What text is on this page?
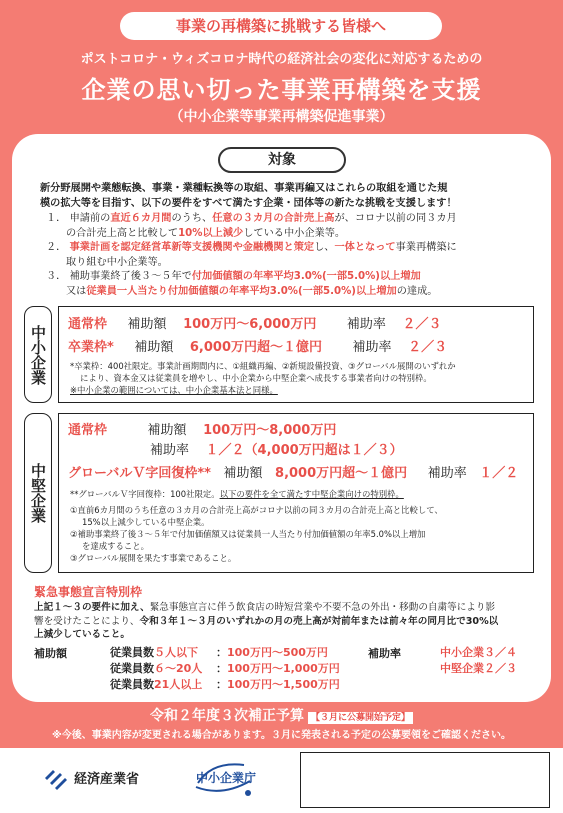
事業の再構築に挑戦する皆様へ
ポストコロナ・ウィズコロナ時代の経済社会の変化に対応するための
企業の思い切った事業再構築を支援
（中小企業等事業再構築促進事業）
対象
新分野展開や業態転換、事業・業種転換等の取組、事業再編又はこれらの取組を通じた規
模の拡大等を目指す、以下の要件をすべて満たす企業・団体等の新たな挑戦を支援します！
１． 申請前の直近６カ月間のうち、任意の３カ月の合計売上高が、コロナ以前の同３カ月
の合計売上高と比較して10%以上減少している中小企業等。
２． 事業計画を認定経営革新等支援機関や金融機関と策定し、一体となって事業再構築に
取り組む中小企業等。
３． 補助事業終了後３～５年で付加価値額の年率平均3.0%(一部5.0%)以上増加
又は従業員一人当たり付加価値額の年率平均3.0%(一部5.0%)以上増加の達成。
中小企業	通常枠 補助額 100万円～6,000万円 補助率 ２／３
卒業枠* 補助額 6,000万円超～１億円 補助率 ２／３
*卒業枠：400社限定。事業計画期間内に、①組織再編、②新規設備投資、③グローバル展開のいずれか
により、資本金又は従業員を増やし、中小企業から中堅企業へ成長する事業者向けの特別枠。
※中小企業の範囲については、中小企業基本法と同様。
中堅企業
通常枠	補助額 100万円～8,000万円
補助率 １／２（4,000万円超は１／３）
グローバルＶ字回復枠** 補助額 8,000万円超～１億円 補助率 １／２
**グローバルＶ字回復枠：100社限定。以下の要件を全て満たす中堅企業向けの特別枠。
①直前6カ月間のうち任意の３カ月の合計売上高がコロナ以前の同３カ月の合計売上高と比較して、
15%以上減少している中堅企業。
②補助事業終了後３～５年で付加価値額又は従業員一人当たり付加価値額の年率5.0%以上増加
を達成すること。
③グローバル展開を果たす事業であること。
緊急事態宣言特別枠
上記１～３の要件に加え、緊急事態宣言に伴う飲食店の時短営業や不要不急の外出・移動の自粛等により影
響を受けたことにより、令和３年１～３月のいずれかの月の売上高が対前年または前々年の同月比で30%以
上減少していること。
補助額	従業員数５人以下 ：100万円～500万円
従業員数６～20人 ：100万円～1,000万円
従業員数21人以上 ：100万円～1,500万円
補助率	中小企業３／４
中堅企業２／３
令和２年度３次補正予算 【３月に公募開始予定】
※今後、事業内容が変更される場合があります。３月に発表される予定の公募要領をご確認ください。
経済産業省	中小企業庁
